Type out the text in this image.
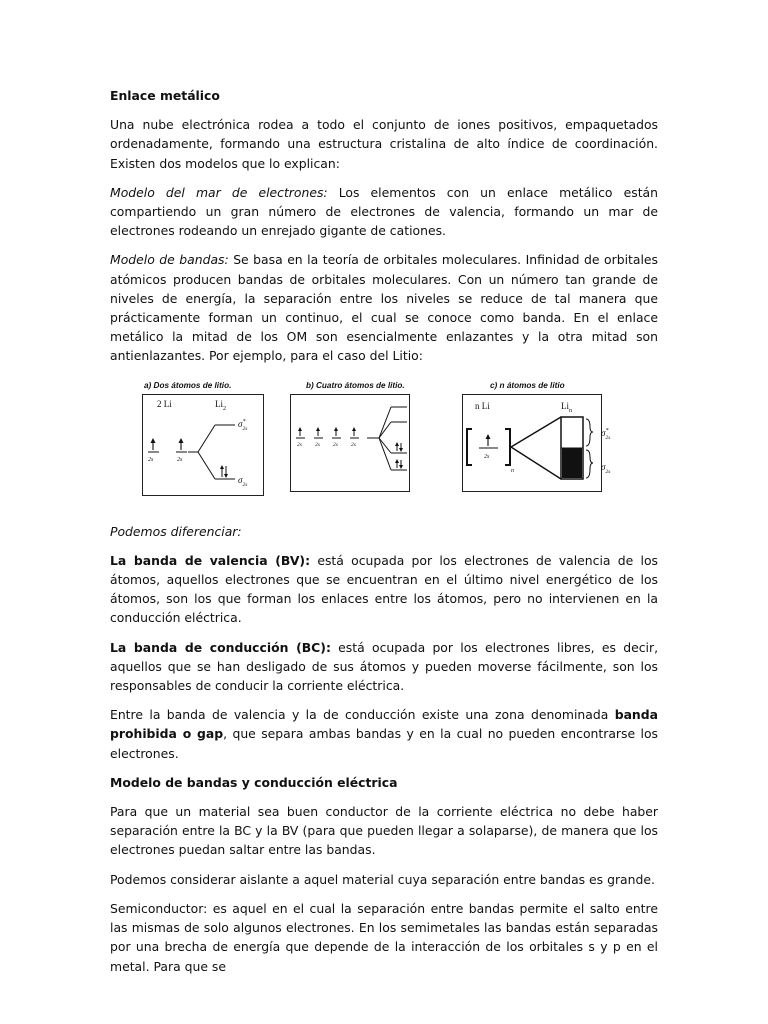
Enlace metálico

Una nube electrónica rodea a todo el conjunto de iones positivos, empaquetados ordenadamente, formando una estructura cristalina de alto índice de coordinación. Existen dos modelos que lo explican:

Modelo del mar de electrones: Los elementos con un enlace metálico están compartiendo un gran número de electrones de valencia, formando un mar de electrones rodeando un enrejado gigante de cationes.

Modelo de bandas: Se basa en la teoría de orbitales moleculares. Infinidad de orbitales atómicos producen bandas de orbitales moleculares. Con un número tan grande de niveles de energía, la separación entre los niveles se reduce de tal manera que prácticamente forman un continuo, el cual se conoce como banda. En el enlace metálico la mitad de los OM son esencialmente enlazantes y la otra mitad son antienlazantes. Por ejemplo, para el caso del Litio:

a) Dos átomos de litio.
2 Li	$Li_2$
2s	2s
σ* 2s
$\sigma_{2s}$
b) Cuatro átomos de litio.
2s 2s 2s 2s
c) n átomos de litio
n Li	$Li_n$
n
2s
σ* 2s
$\sigma_{2s}$

Podemos diferenciar:

La banda de valencia (BV): está ocupada por los electrones de valencia de los átomos, aquellos electrones que se encuentran en el último nivel energético de los átomos, son los que forman los enlaces entre los átomos, pero no intervienen en la conducción eléctrica.

La banda de conducción (BC): está ocupada por los electrones libres, es decir, aquellos que se han desligado de sus átomos y pueden moverse fácilmente, son los responsables de conducir la corriente eléctrica.

Entre la banda de valencia y la de conducción existe una zona denominada banda prohibida o gap, que separa ambas bandas y en la cual no pueden encontrarse los electrones.

Modelo de bandas y conducción eléctrica

Para que un material sea buen conductor de la corriente eléctrica no debe haber separación entre la BC y la BV (para que pueden llegar a solaparse), de manera que los electrones puedan saltar entre las bandas.

Podemos considerar aislante a aquel material cuya separación entre bandas es grande.

Semiconductor: es aquel en el cual la separación entre bandas permite el salto entre las mismas de solo algunos electrones. En los semimetales las bandas están separadas por una brecha de energía que depende de la interacción de los orbitales s y p en el metal. Para que se
